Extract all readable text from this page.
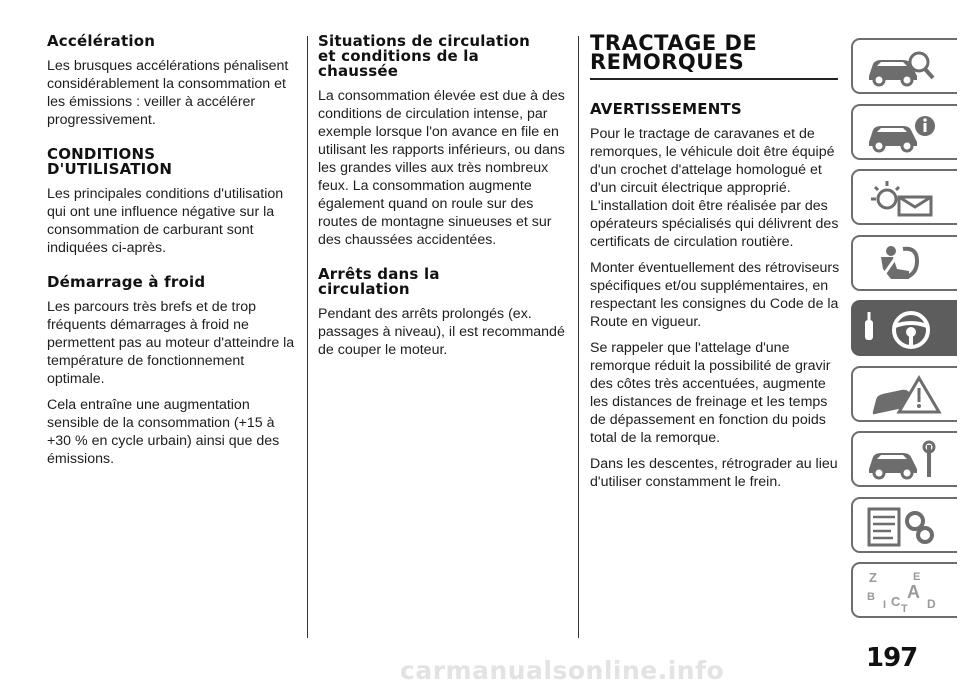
Accélération

Les brusques accélérations pénalisent considérablement la consommation et les émissions : veiller à accélérer progressivement.

CONDITIONS
D'UTILISATION

Les principales conditions d'utilisation qui ont une influence négative sur la consommation de carburant sont indiquées ci-après.

Démarrage à froid

Les parcours très brefs et de trop fréquents démarrages à froid ne permettent pas au moteur d'atteindre la température de fonctionnement optimale.

Cela entraîne une augmentation sensible de la consommation (+15 à +30 % en cycle urbain) ainsi que des émissions.

Situations de circulation
et conditions de la
chaussée

La consommation élevée est due à des conditions de circulation intense, par exemple lorsque l'on avance en file en utilisant les rapports inférieurs, ou dans les grandes villes aux très nombreux feux. La consommation augmente également quand on roule sur des routes de montagne sinueuses et sur des chaussées accidentées.

Arrêts dans la
circulation

Pendant des arrêts prolongés (ex. passages à niveau), il est recommandé de couper le moteur.

TRACTAGE DE
REMORQUES
AVERTISSEMENTS

Pour le tractage de caravanes et de remorques, le véhicule doit être équipé d'un crochet d'attelage homologué et d'un circuit électrique approprié. L'installation doit être réalisée par des opérateurs spécialisés qui délivrent des certificats de circulation routière.

Monter éventuellement des rétroviseurs spécifiques et/ou supplémentaires, en respectant les consignes du Code de la Route en vigueur.

Se rappeler que l'attelage d'une remorque réduit la possibilité de gravir des côtes très accentuées, augmente les distances de freinage et les temps de dépassement en fonction du poids total de la remorque.

Dans les descentes, rétrograder au lieu d'utiliser constamment le frein.

Z	E
B A
I C T D
197
carmanualsonline.info
